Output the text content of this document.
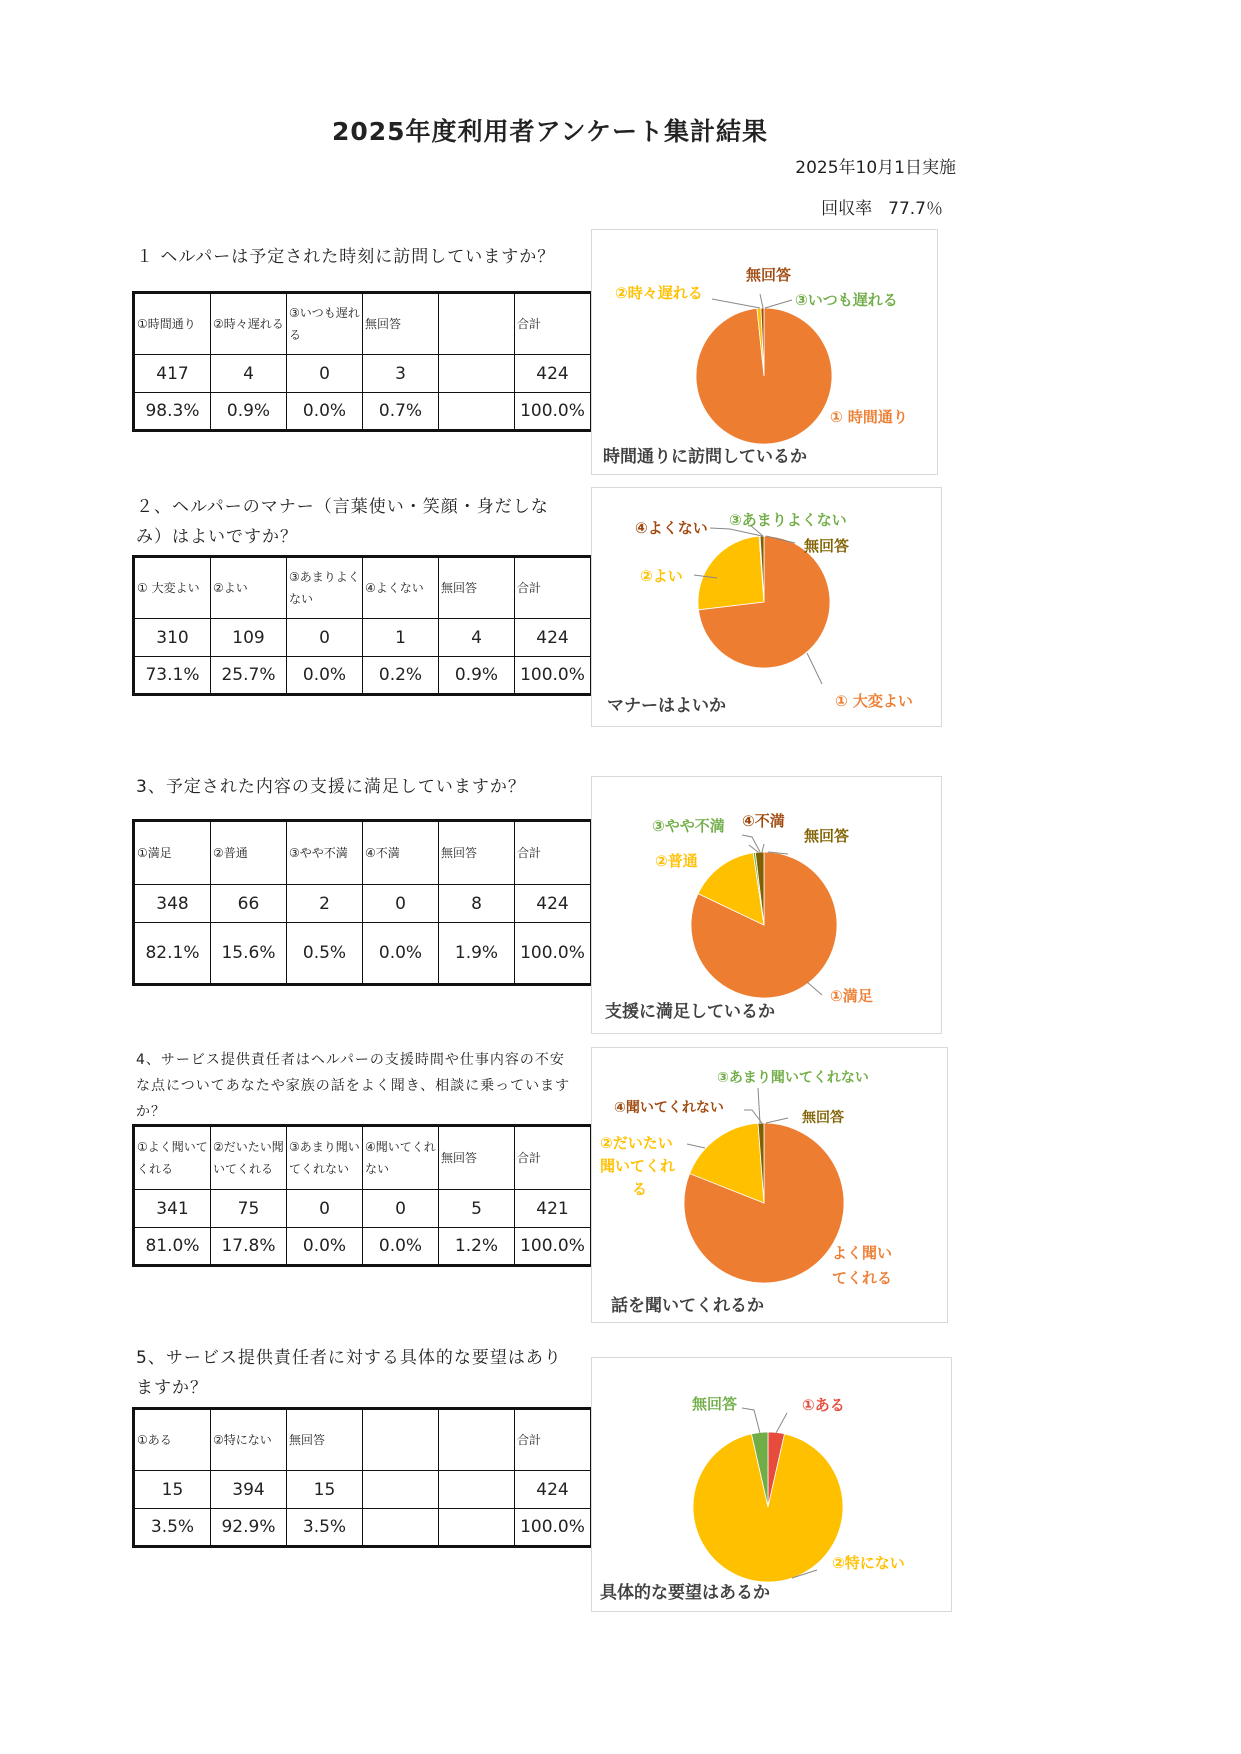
2025年度利用者アンケート集計結果
2025年10月1日実施
回収率 77.7％
１ ヘルパーは予定された時刻に訪問していますか？
①時間通り	②時々遅れる	③いつも遅れる	無回答		合計
417	4	0	3		424
98.3%	0.9%	0.0%	0.7%		100.0%	① 時間通り
②時々遅れる	③いつも遅れる
無回答
時間通りに訪問しているか
２、ヘルパーのマナー（言葉使い・笑顔・身だしなみ）はよいですか？
① 大変よい	②よい	③あまりよくない	④よくない	無回答	合計
310	109	0	1	4	424
73.1%	25.7%	0.0%	0.2%	0.9%	100.0%
① 大変よい
②よい
③あまりよくない
④よくない
無回答
マナーはよいか
3、予定された内容の支援に満足していますか？
①満足	②普通	③やや不満	④不満	無回答	合計
348	66	2	0	8	424
82.1%	15.6%	0.5%	0.0%	1.9%	100.0%
①満足
②普通
③やや不満 ④不満
無回答
支援に満足しているか
4、サービス提供責任者はヘルパーの支援時間や仕事内容の不安な点についてあなたや家族の話をよく聞き、相談に乗っていますか？
①よく聞いてくれる	②だいたい聞いてくれる	③あまり聞いてくれない	④聞いてくれない	無回答	合計
341	75	0	0	5	421
81.0%	17.8%	0.0%	0.0%	1.2%	100.0%	よく聞い
てくれる
②だいたい
聞いてくれ
る
③あまり聞いてくれない
④聞いてくれない
無回答
話を聞いてくれるか
5、サービス提供責任者に対する具体的な要望はありますか？
①ある	②特にない	無回答			合計
15	394	15			424
3.5%	92.9%	3.5%			100.0%
①ある
②特にない
無回答
具体的な要望はあるか
